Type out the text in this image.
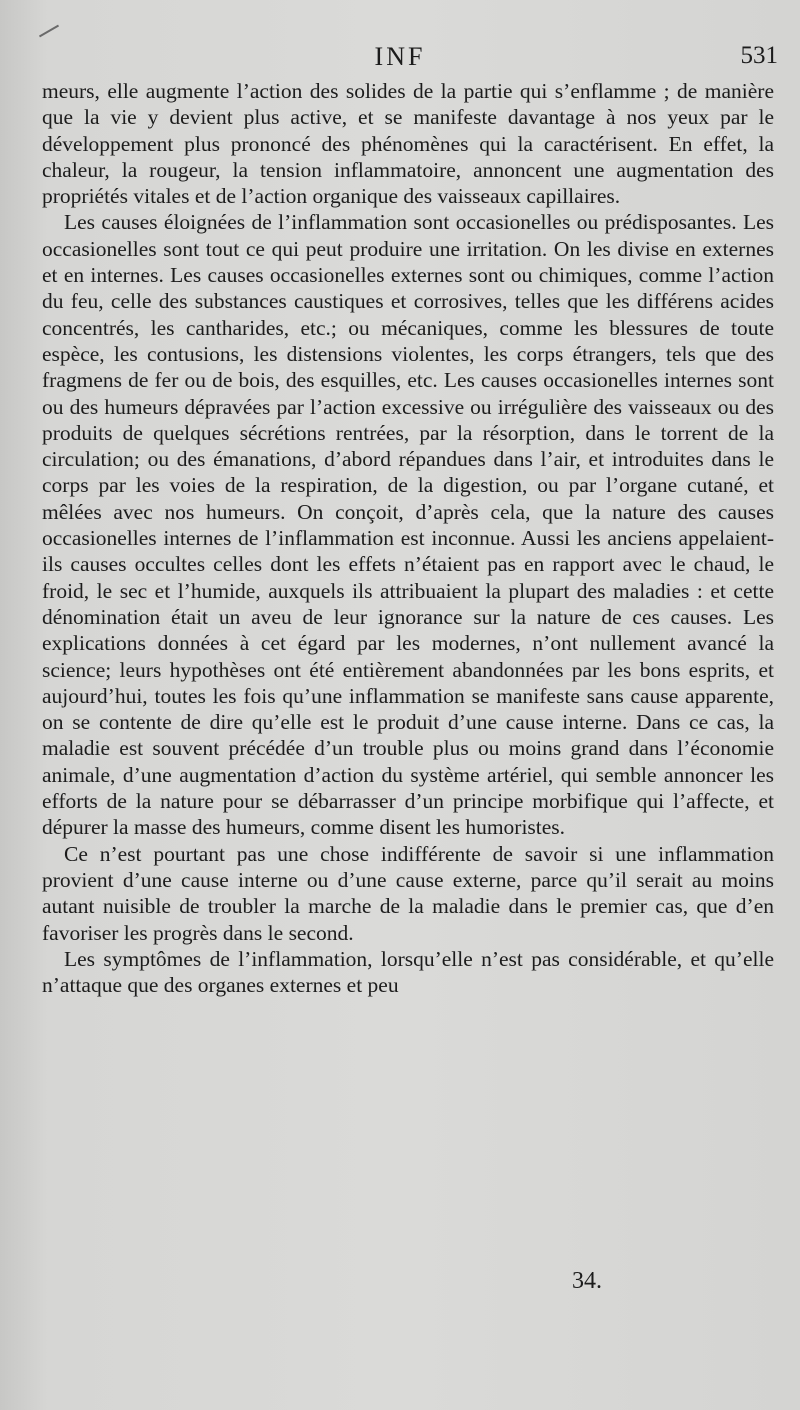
INF	531

meurs, elle augmente l’action des solides de la partie qui s’enflamme ; de manière que la vie y devient plus active, et se manifeste davantage à nos yeux par le développement plus prononcé des phénomènes qui la caractérisent. En effet, la chaleur, la rougeur, la tension inflammatoire, annoncent une augmentation des propriétés vitales et de l’action organique des vaisseaux capillaires.

Les causes éloignées de l’inflammation sont occasionelles ou prédisposantes. Les occasionelles sont tout ce qui peut produire une irritation. On les divise en externes et en internes. Les causes occasionelles externes sont ou chimiques, comme l’action du feu, celle des substances caustiques et corrosives, telles que les différens acides concentrés, les cantharides, etc.; ou mécaniques, comme les blessures de toute espèce, les contusions, les distensions violentes, les corps étrangers, tels que des fragmens de fer ou de bois, des esquilles, etc. Les causes occasionelles internes sont ou des humeurs dépravées par l’action excessive ou irrégulière des vaisseaux ou des produits de quelques sécrétions rentrées, par la résorption, dans le torrent de la circulation; ou des émanations, d’abord répandues dans l’air, et introduites dans le corps par les voies de la respiration, de la digestion, ou par l’organe cutané, et mêlées avec nos humeurs. On conçoit, d’après cela, que la nature des causes occasionelles internes de l’inflammation est inconnue. Aussi les anciens appelaient-ils causes occultes celles dont les effets n’étaient pas en rapport avec le chaud, le froid, le sec et l’humide, auxquels ils attribuaient la plupart des maladies : et cette dénomination était un aveu de leur ignorance sur la nature de ces causes. Les explications données à cet égard par les modernes, n’ont nullement avancé la science; leurs hypothèses ont été entièrement abandonnées par les bons esprits, et aujourd’hui, toutes les fois qu’une inflammation se manifeste sans cause apparente, on se contente de dire qu’elle est le produit d’une cause interne. Dans ce cas, la maladie est souvent précédée d’un trouble plus ou moins grand dans l’économie animale, d’une augmentation d’action du système artériel, qui semble annoncer les efforts de la nature pour se débarrasser d’un principe morbifique qui l’affecte, et dépurer la masse des humeurs, comme disent les humoristes.

Ce n’est pourtant pas une chose indifférente de savoir si une inflammation provient d’une cause interne ou d’une cause externe, parce qu’il serait au moins autant nuisible de troubler la marche de la maladie dans le premier cas, que d’en favoriser les progrès dans le second.

Les symptômes de l’inflammation, lorsqu’elle n’est pas considérable, et qu’elle n’attaque que des organes externes et peu

34.
